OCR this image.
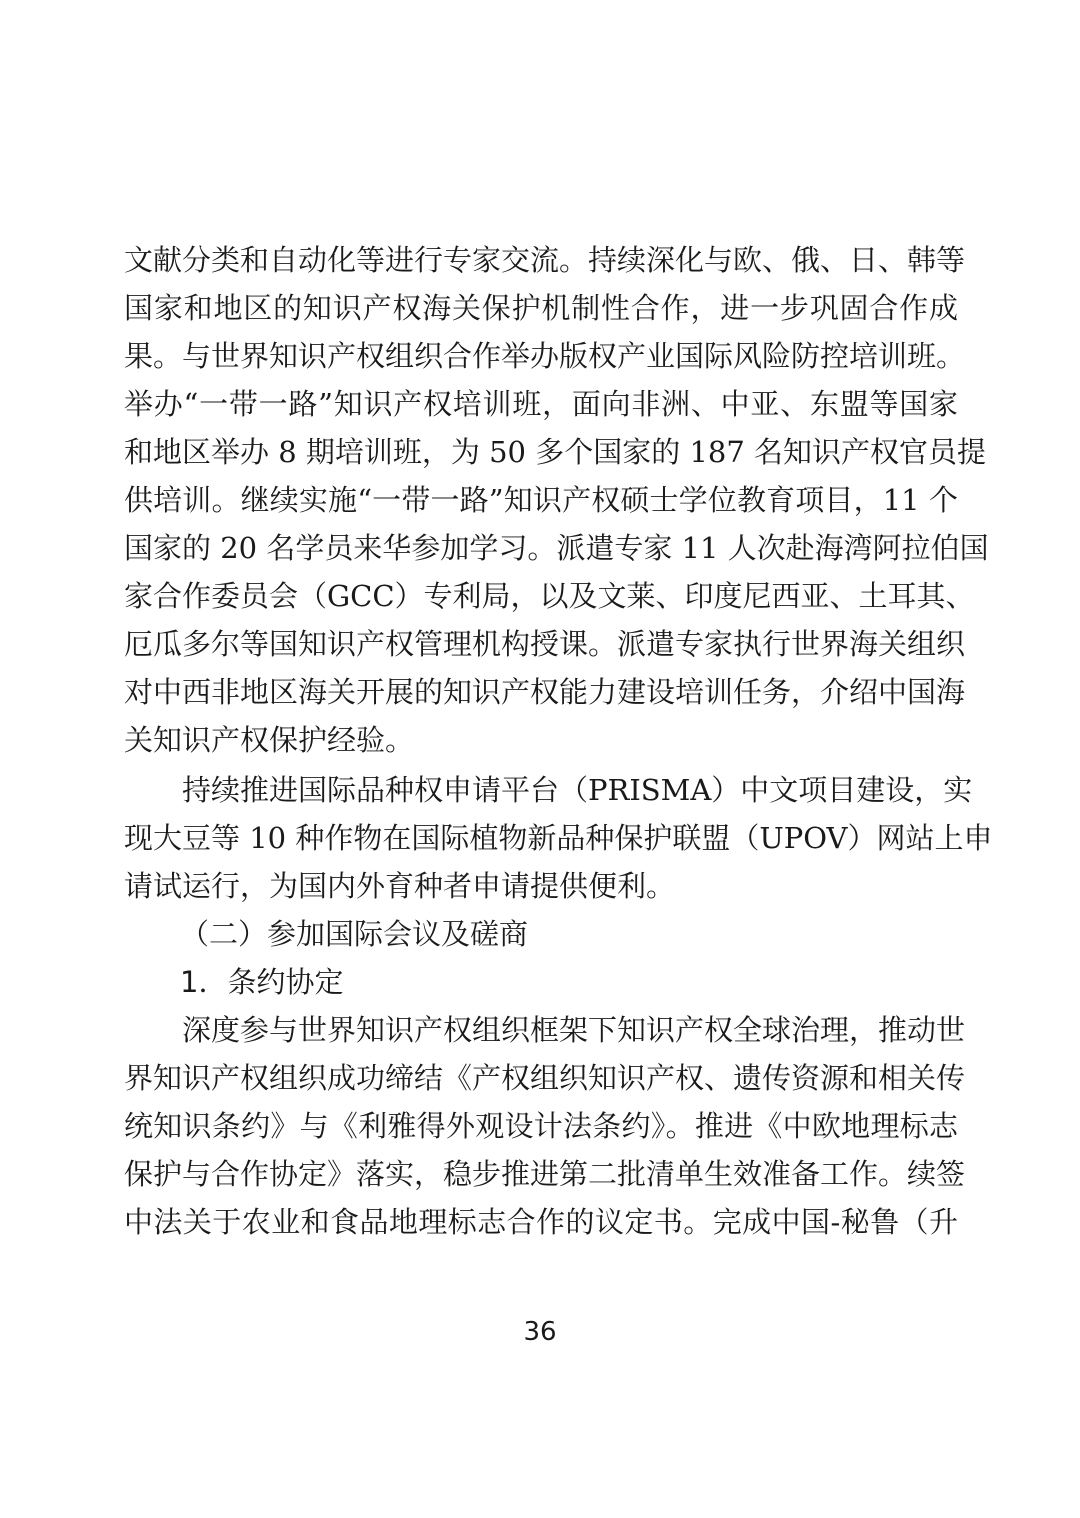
文献分类和自动化等进行专家交流。持续深化与欧、俄、日、韩等
国家和地区的知识产权海关保护机制性合作，进一步巩固合作成
果。与世界知识产权组织合作举办版权产业国际风险防控培训班。
举办“一带一路”知识产权培训班，面向非洲、中亚、东盟等国家
和地区举办 8 期培训班，为 50 多个国家的 187 名知识产权官员提
供培训。继续实施“一带一路”知识产权硕士学位教育项目，11 个
国家的 20 名学员来华参加学习。派遣专家 11 人次赴海湾阿拉伯国
家合作委员会（GCC）专利局，以及文莱、印度尼西亚、土耳其、
厄瓜多尔等国知识产权管理机构授课。派遣专家执行世界海关组织
对中西非地区海关开展的知识产权能力建设培训任务，介绍中国海
关知识产权保护经验。
持续推进国际品种权申请平台（PRISMA）中文项目建设，实
现大豆等 10 种作物在国际植物新品种保护联盟（UPOV）网站上申
请试运行，为国内外育种者申请提供便利。
（二）参加国际会议及磋商
1．条约协定
深度参与世界知识产权组织框架下知识产权全球治理，推动世
界知识产权组织成功缔结《产权组织知识产权、遗传资源和相关传
统知识条约》与《利雅得外观设计法条约》。推进《中欧地理标志
保护与合作协定》落实，稳步推进第二批清单生效准备工作。续签
中法关于农业和食品地理标志合作的议定书。完成中国-秘鲁（升
36
